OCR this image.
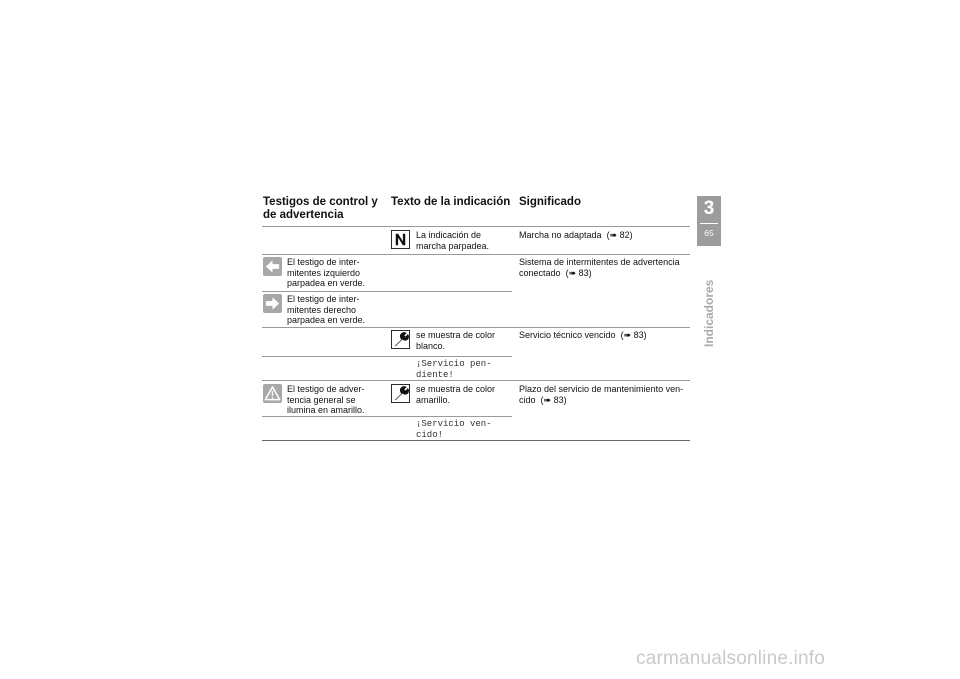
Testigos de control y
de advertencia
Texto de la indicación Significado
La indicación de
marcha parpadea.
Marcha no adaptada (➠ 82)
El testigo de inter-
mitentes izquierdo
parpadea en verde.
Sistema de intermitentes de advertencia
conectado (➠ 83)
El testigo de inter-
mitentes derecho
parpadea en verde.
se muestra de color
blanco.
Servicio técnico vencido (➠ 83)
¡Servicio pen-
diente!
El testigo de adver-
tencia general se
ilumina en amarillo.
se muestra de color
amarillo.
Plazo del servicio de mantenimiento ven-
cido (➠ 83)
¡Servicio ven-
cido!
3
65
Indicadores
carmanualsonline.info
